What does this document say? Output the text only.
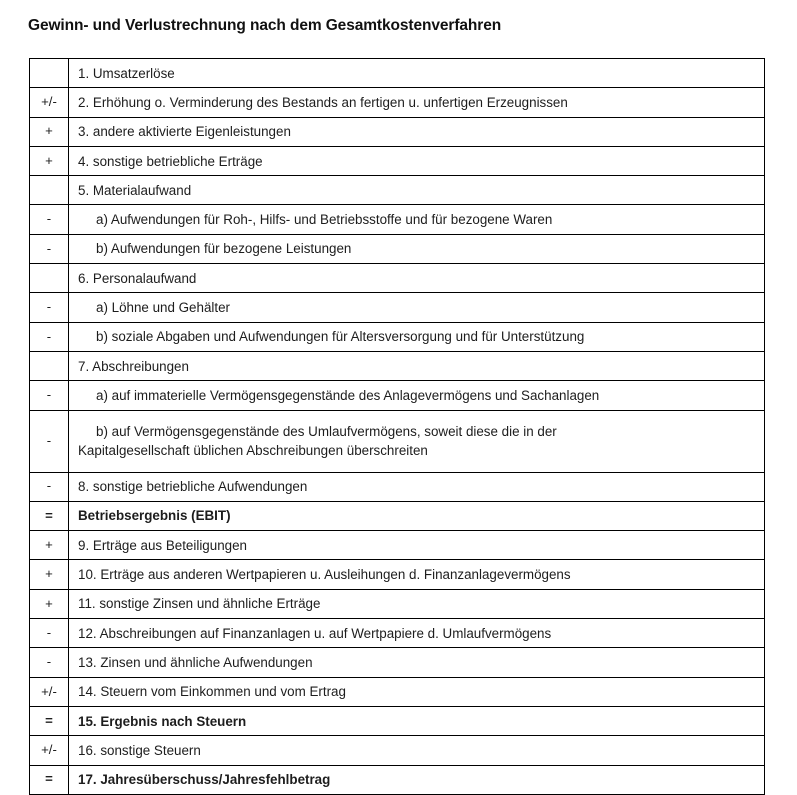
Gewinn- und Verlustrechnung nach dem Gesamtkostenverfahren

	1. Umsatzerlöse

+/-	2. Erhöhung o. Verminderung des Bestands an fertigen u. unfertigen Erzeugnissen

+	3. andere aktivierte Eigenleistungen

+	4. sonstige betriebliche Erträge

	5. Materialaufwand

-	a) Aufwendungen für Roh-, Hilfs- und Betriebsstoffe und für bezogene Waren

-	b) Aufwendungen für bezogene Leistungen

	6. Personalaufwand

-	a) Löhne und Gehälter

-	b) soziale Abgaben und Aufwendungen für Altersversorgung und für Unterstützung

	7. Abschreibungen

-	a) auf immaterielle Vermögensgegenstände des Anlagevermögens und Sachanlagen

-	b) auf Vermögensgegenstände des Umlaufvermögens, soweit diese die in der
Kapitalgesellschaft üblichen Abschreibungen überschreiten

-	8. sonstige betriebliche Aufwendungen

=	Betriebsergebnis (EBIT)

+	9. Erträge aus Beteiligungen

+	10. Erträge aus anderen Wertpapieren u. Ausleihungen d. Finanzanlagevermögens

+	11. sonstige Zinsen und ähnliche Erträge

-	12. Abschreibungen auf Finanzanlagen u. auf Wertpapiere d. Umlaufvermögens

-	13. Zinsen und ähnliche Aufwendungen

+/-	14. Steuern vom Einkommen und vom Ertrag

=	15. Ergebnis nach Steuern

+/-	16. sonstige Steuern

=	17. Jahresüberschuss/Jahresfehlbetrag
